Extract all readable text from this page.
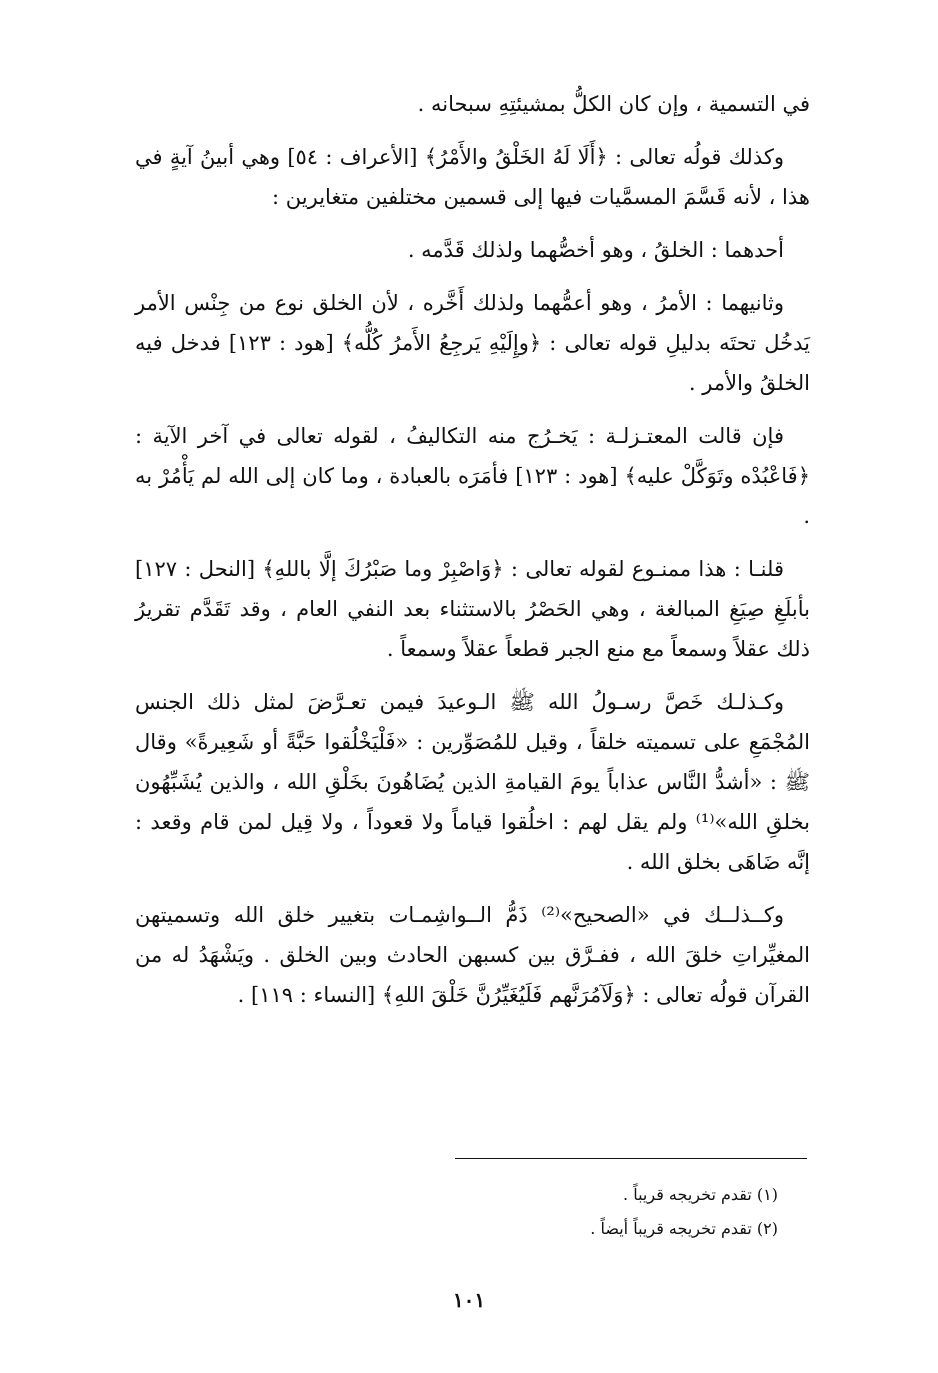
في التسمية ، وإن كان الكلُّ بمشيئتِهِ سبحانه .

وكذلك قولُه تعالى : ﴿أَلَا لَهُ الخَلْقُ والأَمْرُ﴾ [الأعراف : ٥٤] وهي أبينُ آيةٍ في هذا ، لأنه قَسَّمَ المسمَّيات فيها إلى قسمين مختلفين متغايرين :

أحدهما : الخلقُ ، وهو أخصُّهما ولذلك قَدَّمه .

وثانيهما : الأمرُ ، وهو أعمُّهما ولذلك أَخَّره ، لأن الخلق نوع من جِنْس الأمر يَدخُل تحتَه بدليلِ قوله تعالى : ﴿وإِلَيْهِ يَرجِعُ الأَمرُ كُلُّه﴾ [هود : ١٢٣] فدخل فيه الخلقُ والأمر .

فإن قالت المعتـزلـة : يَخـرُج منه التكاليفُ ، لقوله تعالى في آخر الآية : ﴿فَاعْبُدْه وتَوَكَّلْ عليه﴾ [هود : ١٢٣] فأمَرَه بالعبادة ، وما كان إلى الله لم يَأْمُرْ به .

قلنـا : هذا ممنـوع لقوله تعالى : ﴿وَاصْبِرْ وما صَبْرُكَ إلَّا باللهِ﴾ [النحل : ١٢٧] بأبلَغِ صِيَغِ المبالغة ، وهي الحَصْرُ بالاستثناء بعد النفي العام ، وقد تَقَدَّم تقريرُ ذلك عقلاً وسمعاً مع منع الجبر قطعاً عقلاً وسمعاً .

وكـذلـك خَصَّ رسـولُ الله ﷺ الـوعيدَ فيمن تعـرَّضَ لمثل ذلك الجنس المُجْمَعِ على تسميته خلقاً ، وقيل للمُصَوِّرين : «فَلْيَخْلُقوا حَبَّةً أو شَعِيرةً» وقال ﷺ : «أشدُّ النَّاس عذاباً يومَ القيامةِ الذين يُضَاهُونَ بخَلْقِ الله ، والذين يُشَبِّهُون بخلقِ الله»⁽¹⁾ ولم يقل لهم : اخلُقوا قياماً ولا قعوداً ، ولا قِيل لمن قام وقعد : إنَّه ضَاهَى بخلق الله .

وكــذلــك في «الصحيح»⁽²⁾ ذَمُّ الــواشِمـات بتغيير خلق الله وتسميتهن المغيِّراتِ خلقَ الله ، ففـرَّق بين كسبهن الحادث وبين الخلق . ويَشْهَدُ له من القرآن قولُه تعالى : ﴿وَلَآمُرَنَّهم فَلَيُغَيِّرُنَّ خَلْقَ اللهِ﴾ [النساء : ١١٩] .

(١) تقدم تخريجه قريباً .

(٢) تقدم تخريجه قريباً أيضاً .

١٠١
